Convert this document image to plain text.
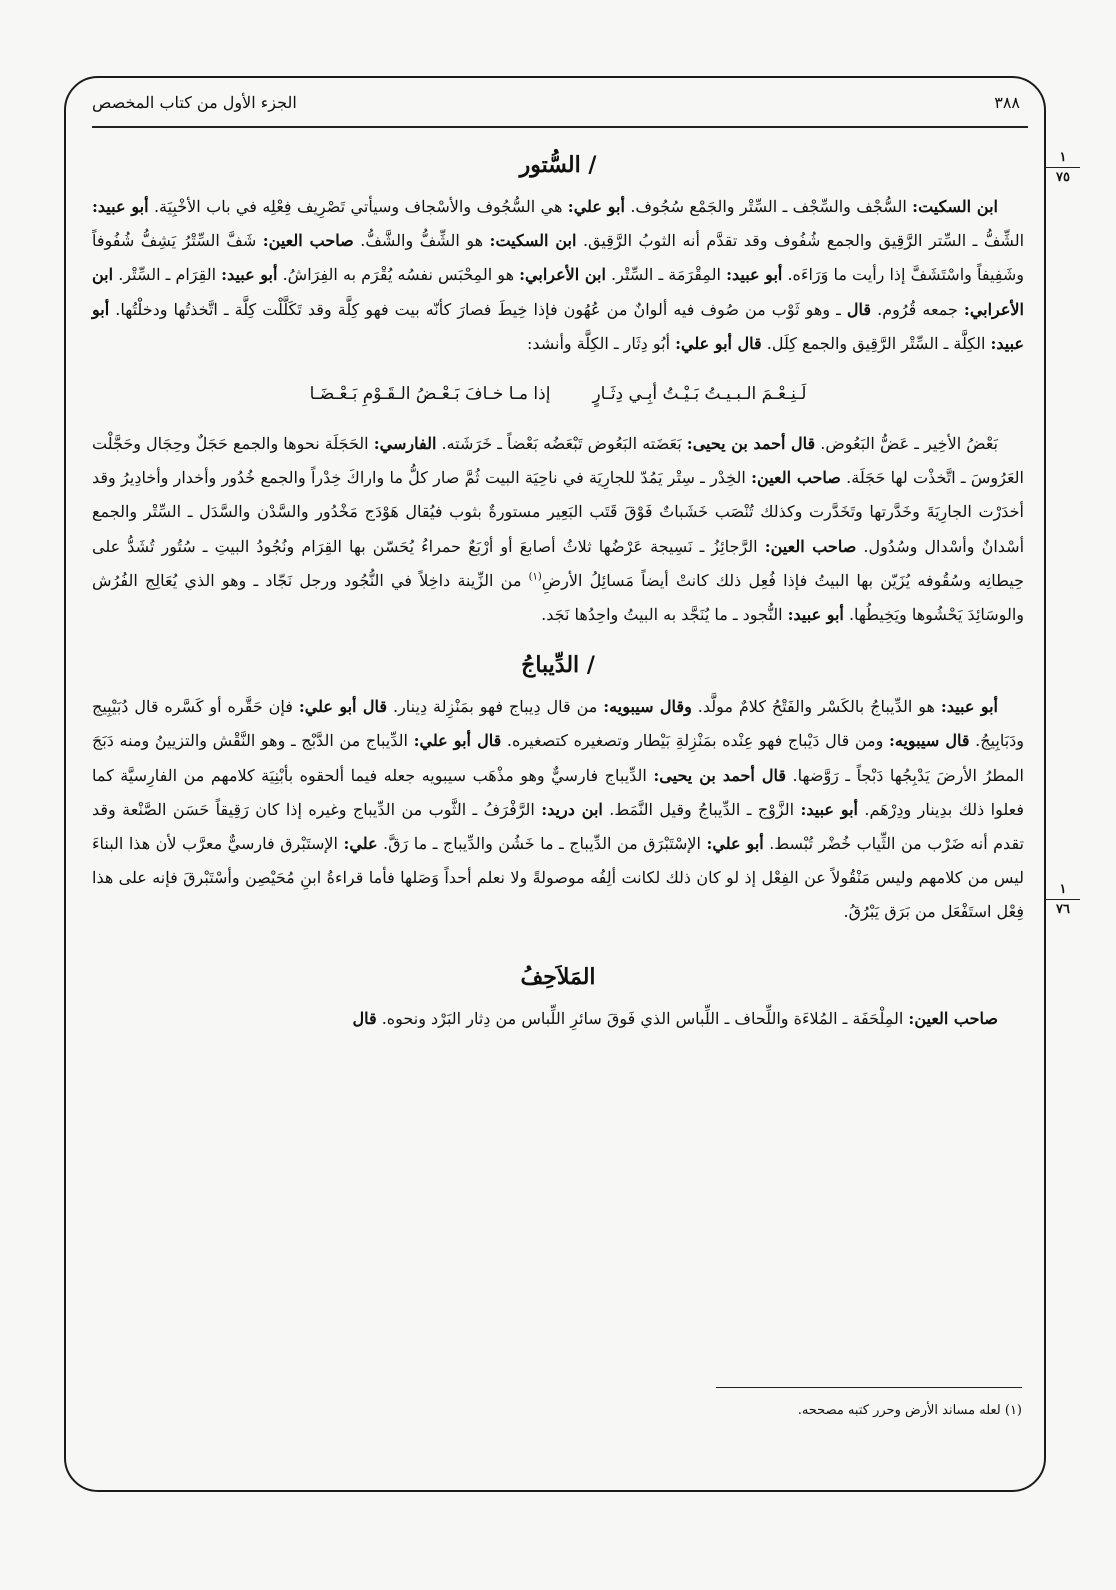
٣٨٨
الجزء الأول من كتاب المخصص
١
٧٥
١
٧٦
/ السُّتور

ابن السكيت: السُّجْف والسِّجْف ـ السِّتْر والجَمْع سُجُوف. أبو علي: هي السُّجُوف والأسْجاف وسيأتي تَصْرِيف فِعْلِه في باب الأخْبِيَة. أبو عبيد: الشِّفُّ ـ السِّتر الرَّقِيق والجمع شُفُوف وقد تقدَّم أنه الثوبُ الرَّقِيق. ابن السكيت: هو الشِّفُّ والشَّفُّ. صاحب العين: شَفَّ السِّتْرُ يَشِفُّ شُفُوفاً وشَفِيفاً واسْتَشَفَّ إذا رأيت ما وَرَاءَه. أبو عبيد: المِقْرَمَة ـ السِّتْر. ابن الأعرابي: هو المِحْبَس نفسُه يُقْرَم به الفِرَاشُ. أبو عبيد: القِرَام ـ السِّتْر. ابن الأعرابي: جمعه قُرُوم. قال ـ وهو ثَوْب من صُوف فيه ألوانٌ من عُهُون فإذا خِيطَ فصارَ كأنّه بيت فهو كِلَّة وقد تَكَلَّلْت كِلَّة ـ اتَّخذتُها ودخلْتُها. أبو عبيد: الكِلَّة ـ السِّتْر الرَّقِيق والجمع كِلَل. قال أبو علي: أبُو دِثَار ـ الكِلَّة وأنشد:

لَـنِـعْـمَ الـبـيـتُ بَـيْـتُ أبِـي دِثَـارٍ
إذا مـا خـافَ بَـعْـضُ الـقَـوْمِ بَـعْـضَـا

بَعْضُ الأخِير ـ عَضُّ البَعُوض. قال أحمد بن يحيى: بَعَضَته البَعُوض تَبْعَضُه بَعْضاً ـ خَرَشَته. الفارسي: الحَجَلَة نحوها والجمع حَجَلٌ وحِجَال وحَجَّلْت العَرُوسَ ـ اتَّخذْت لها حَجَلَة. صاحب العين: الخِدْر ـ سِتْر يَمُدّ للجارِيَة في ناحِيَة البيت ثُمَّ صار كلُّ ما واراكَ خِدْراً والجمع خُدُور وأخدار وأخادِيرُ وقد أخدَرْت الجارِيَةَ وخَدَّرتها وتَخَدَّرت وكذلك تُنْصَب خَشَباتٌ فَوْقَ قَتَب البَعِير مستورةٌ بثوب فيُقال هَوْدَج مَخْدُور والسَّدْن والسَّدَل ـ السِّتْر والجمع أسْدانٌ وأسْدال وسُدُول. صاحب العين: الرَّجائِزُ ـ نَسِيجة عَرْضُها ثلاثُ أصابعَ أو أرْبَعٌ حمراءُ يُحَسّن بها القِرَام ونُجُودُ البيتِ ـ سُتُور تُشَدُّ على حِيطانِه وسُقُوفه يُزَيّن بها البيتُ فإذا فُعِل ذلك كانتْ أيضاً مَسائِلُ الأرضِ$^{(١)}$ من الزِّينة داخِلاً في النُّجُود ورجل نَجّاد ـ وهو الذي يُعَالِج الفُرُش والوسَائِدَ يَحْشُوها ويَخِيطُها. أبو عبيد: النُّجود ـ ما يُنَجَّد به البيتُ واحِدُها نَجَد.

/ الدِّيباجُ

أبو عبيد: هو الدِّيباجُ بالكَسْر والفَتْحُ كلامٌ مولَّد. وقال سيبويه: من قال دِيباج فهو بمَنْزِلة دِينار. قال أبو علي: فإن حَقَّره أو كَسَّره قال دُبَيْبِيج ودَبَابِيجُ. قال سيبويه: ومن قال دَيْباج فهو عِنْده بمَنْزِلةِ بَيْطار وتصغيره كتصغيره. قال أبو علي: الدِّيباج من الدَّبْج ـ وهو النَّقْش والتزيينُ ومنه دَبَجَ المطرُ الأرضَ يَدْبِجُها دَبْجاً ـ رَوَّضها. قال أحمد بن يحيى: الدِّيباج فارسيٌّ وهو مذْهَب سيبويه جعله فيما ألحقوه بأبْنِيَة كلامهم من الفارِسيَّة كما فعلوا ذلك بدِينار ودِرْهَم. أبو عبيد: الزَّوْج ـ الدِّيباجُ وقيل النَّمَط. ابن دريد: الرَّفْرَفُ ـ الثَّوب من الدِّيباج وغيره إذا كان رَقِيقاً حَسَن الصَّنْعة وقد تقدم أنه ضَرْب من الثِّياب خُضْر تُبْسط. أبو علي: الإسْتَبْرَق من الدِّيباج ـ ما خَشُن والدِّيباج ـ ما رَقَّ. علي: الإستَبْرق فارسيٌّ معرَّب لأن هذا البناءَ ليس من كلامهم وليس مَنْقُولاً عن الفِعْل إذ لو كان ذلك لكانت ألِفُه موصولةً ولا نعلم أحداً وَصَلها فأما قراءةُ ابنِ مُحَيْصِن وأسْتَبْرقَ فإنه على هذا فِعْل استَفْعَل من بَرَق يَبْرُقُ.

المَلاَحِفُ

صاحب العين: المِلْحَفَة ـ المُلاءَة واللِّحاف ـ اللِّباس الذي فَوقَ سائرِ اللِّباس من دِثار البَرْد ونحوه. قال

(١) لعله مساند الأرض وحرر كتبه مصححه.
